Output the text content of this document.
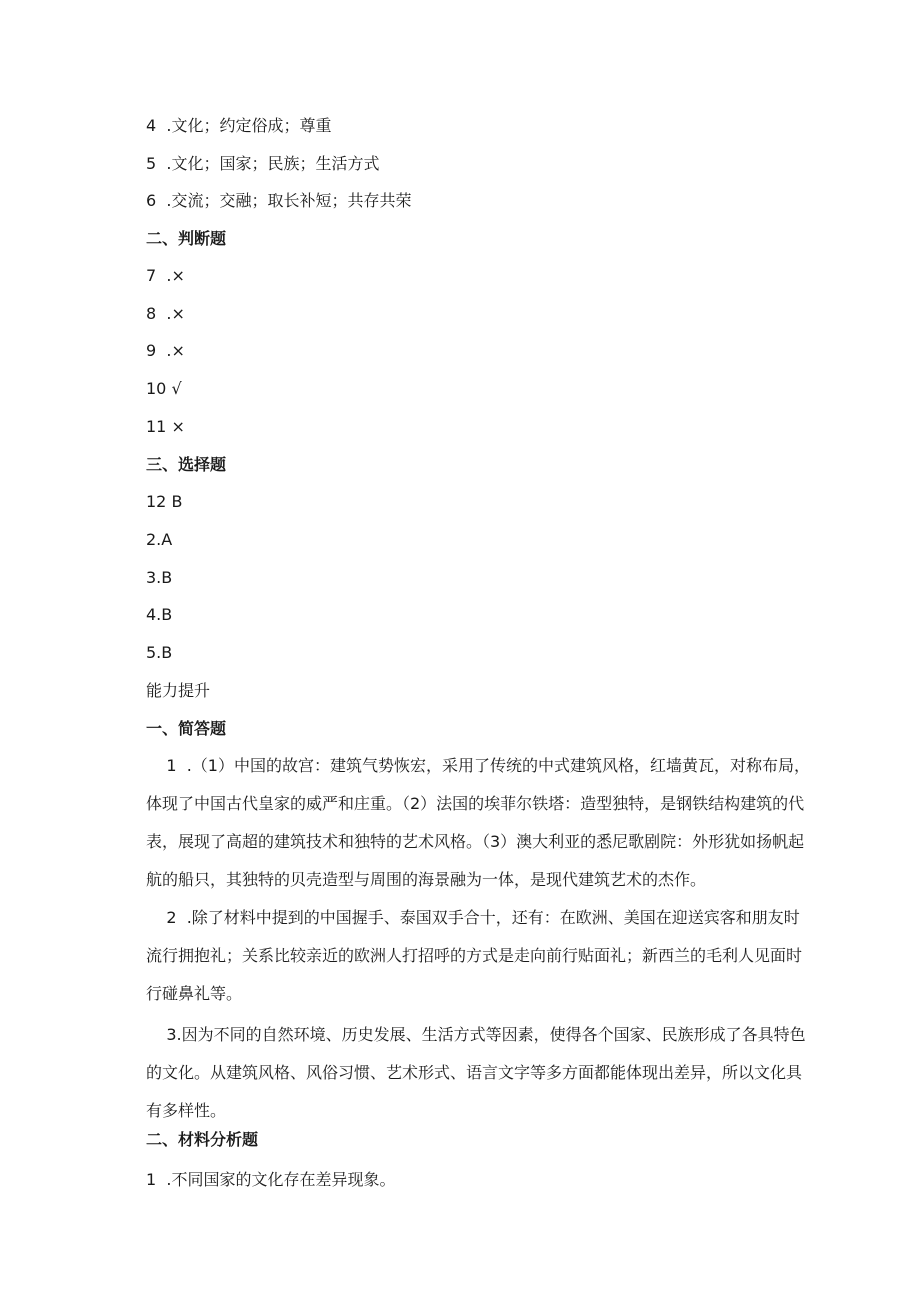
4  .文化；约定俗成；尊重
5  .文化；国家；民族；生活方式
6  .交流；交融；取长补短；共存共荣
二、判断题
7  .×
8  .×
9  .×
10 √
11 ×
三、选择题
12 B
2.A
3.B
4.B
5.B
能力提升
一、简答题
1  .（1）中国的故宫：建筑气势恢宏，采用了传统的中式建筑风格，红墙黄瓦，对称布局，体现了中国古代皇家的威严和庄重。（2）法国的埃菲尔铁塔：造型独特，是钢铁结构建筑的代表，展现了高超的建筑技术和独特的艺术风格。（3）澳大利亚的悉尼歌剧院：外形犹如扬帆起航的船只，其独特的贝壳造型与周围的海景融为一体，是现代建筑艺术的杰作。
2  .除了材料中提到的中国握手、泰国双手合十，还有：在欧洲、美国在迎送宾客和朋友时流行拥抱礼；关系比较亲近的欧洲人打招呼的方式是走向前行贴面礼；新西兰的毛利人见面时行碰鼻礼等。
3.因为不同的自然环境、历史发展、生活方式等因素，使得各个国家、民族形成了各具特色的文化。从建筑风格、风俗习惯、艺术形式、语言文字等多方面都能体现出差异，所以文化具有多样性。
二、材料分析题
1  .不同国家的文化存在差异现象。
